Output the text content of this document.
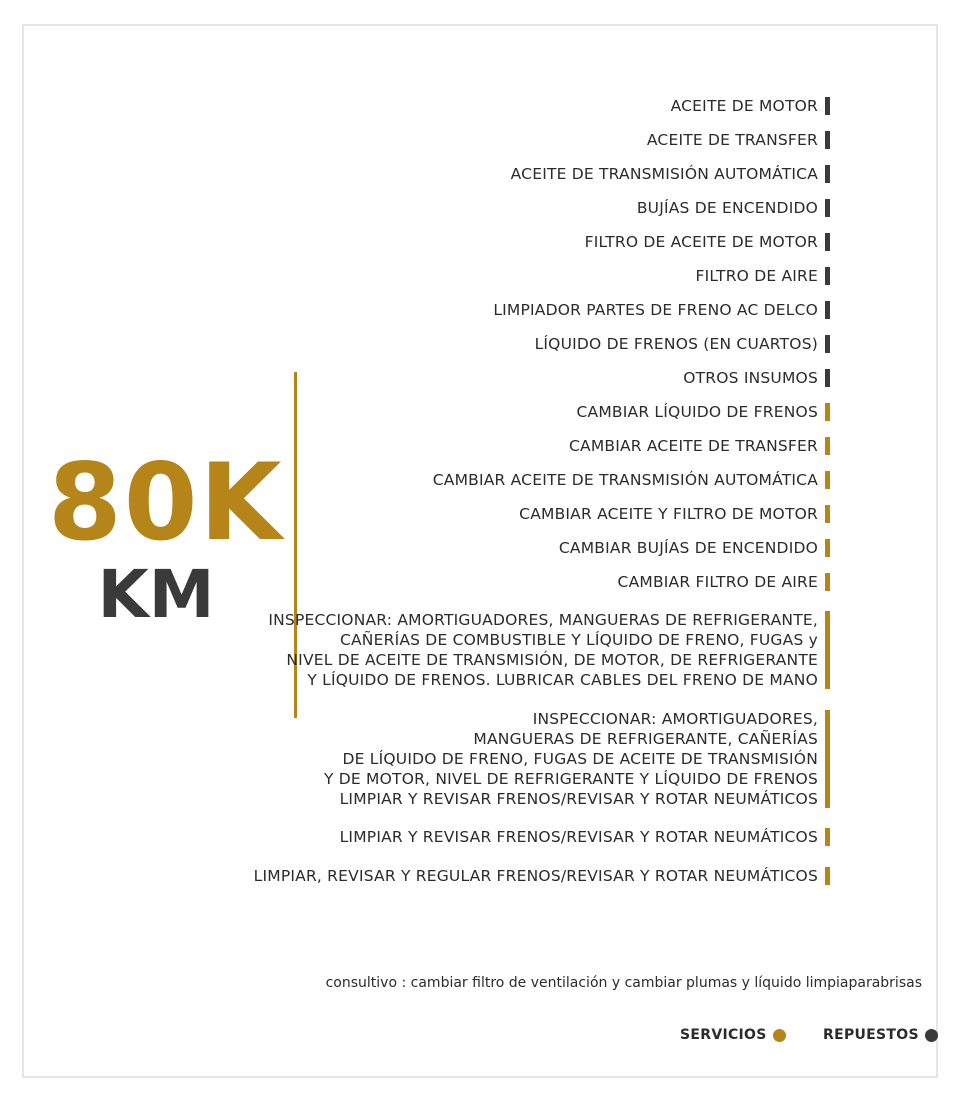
80K
KM
ACEITE DE MOTOR
ACEITE DE TRANSFER
ACEITE DE TRANSMISIÓN AUTOMÁTICA
BUJÍAS DE ENCENDIDO
FILTRO DE ACEITE DE MOTOR
FILTRO DE AIRE
LIMPIADOR PARTES DE FRENO AC DELCO
LÍQUIDO DE FRENOS (EN CUARTOS)
OTROS INSUMOS
CAMBIAR LÍQUIDO DE FRENOS
CAMBIAR ACEITE DE TRANSFER
CAMBIAR ACEITE DE TRANSMISIÓN AUTOMÁTICA
CAMBIAR ACEITE Y FILTRO DE MOTOR
CAMBIAR BUJÍAS DE ENCENDIDO
CAMBIAR FILTRO DE AIRE
INSPECCIONAR: AMORTIGUADORES, MANGUERAS DE REFRIGERANTE,
CAÑERÍAS DE COMBUSTIBLE Y LÍQUIDO DE FRENO, FUGAS y
NIVEL DE ACEITE DE TRANSMISIÓN, DE MOTOR, DE REFRIGERANTE
Y LÍQUIDO DE FRENOS. LUBRICAR CABLES DEL FRENO DE MANO
INSPECCIONAR: AMORTIGUADORES,
MANGUERAS DE REFRIGERANTE, CAÑERÍAS
DE LÍQUIDO DE FRENO, FUGAS DE ACEITE DE TRANSMISIÓN
Y DE MOTOR, NIVEL DE REFRIGERANTE Y LÍQUIDO DE FRENOS
LIMPIAR Y REVISAR FRENOS/REVISAR Y ROTAR NEUMÁTICOS
LIMPIAR Y REVISAR FRENOS/REVISAR Y ROTAR NEUMÁTICOS
LIMPIAR, REVISAR Y REGULAR FRENOS/REVISAR Y ROTAR NEUMÁTICOS
consultivo : cambiar filtro de ventilación y cambiar plumas y líquido limpiaparabrisas
SERVICIOS	REPUESTOS
